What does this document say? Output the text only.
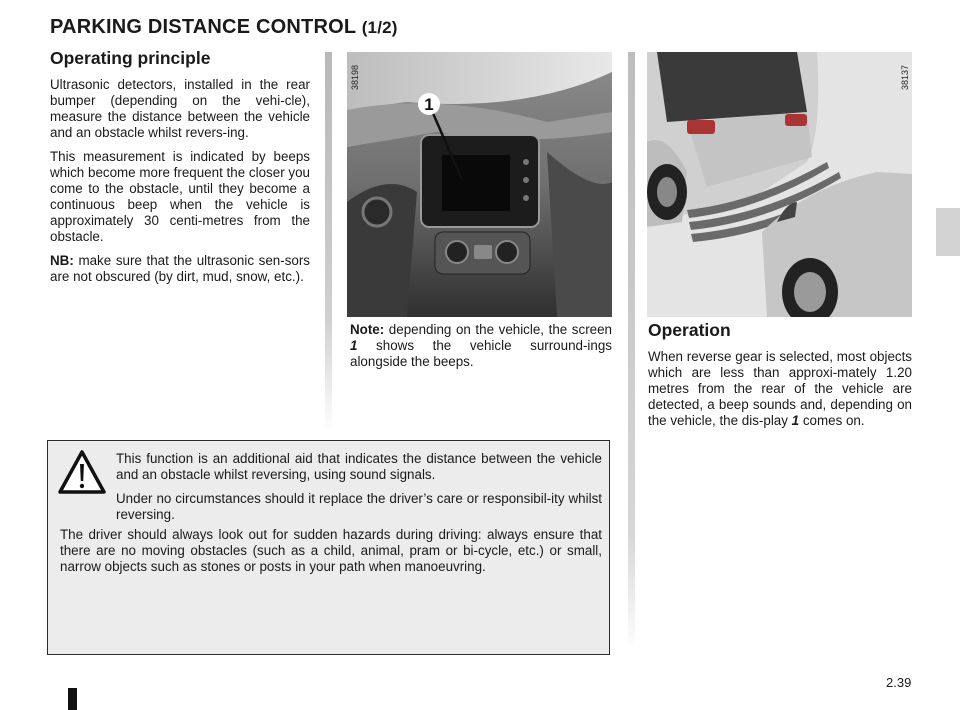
PARKING DISTANCE CONTROL (1/2)
Operating principle

Ultrasonic detectors, installed in the rear bumper (depending on the vehi-cle), measure the distance between the vehicle and an obstacle whilst revers-ing.

This measurement is indicated by beeps which become more frequent the closer you come to the obstacle, until they become a continuous beep when the vehicle is approximately 30 centi-metres from the obstacle.

NB: make sure that the ultrasonic sen-sors are not obscured (by dirt, mud, snow, etc.).

1
38198	38137

Note: depending on the vehicle, the screen 1 shows the vehicle surround-ings alongside the beeps.

Operation

When reverse gear is selected, most objects which are less than approxi-mately 1.20 metres from the rear of the vehicle are detected, a beep sounds and, depending on the vehicle, the dis-play 1 comes on.

This function is an additional aid that indicates the distance between the vehicle and an obstacle whilst reversing, using sound signals.

Under no circumstances should it replace the driver’s care or responsibil-ity whilst reversing.

The driver should always look out for sudden hazards during driving: always ensure that there are no moving obstacles (such as a child, animal, pram or bi-cycle, etc.) or small, narrow objects such as stones or posts in your path when manoeuvring.

2.39
